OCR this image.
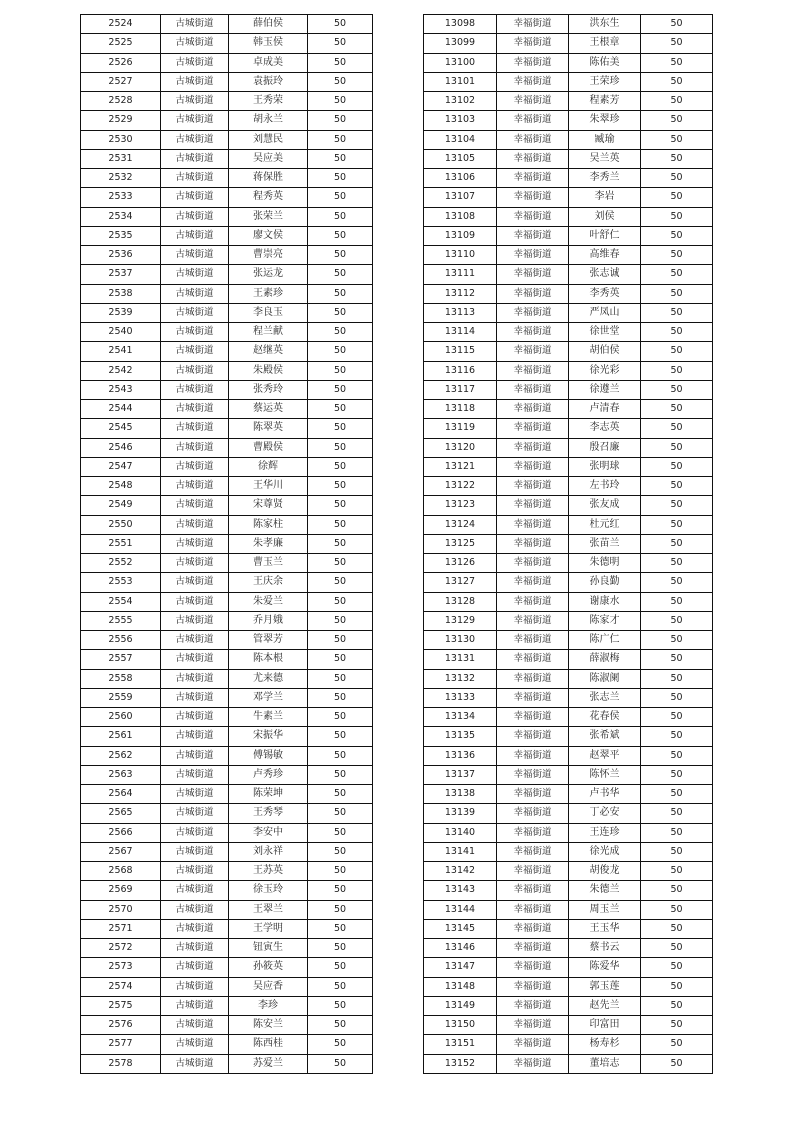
2524	古城街道	薛伯侯	50
2525	古城街道	韩玉侯	50
2526	古城街道	卓成美	50
2527	古城街道	袁振玲	50
2528	古城街道	王秀荣	50
2529	古城街道	胡永兰	50
2530	古城街道	刘慧民	50
2531	古城街道	吴应美	50
2532	古城街道	蒋保胜	50
2533	古城街道	程秀英	50
2534	古城街道	张荣兰	50
2535	古城街道	廖文侯	50
2536	古城街道	曹崇亮	50
2537	古城街道	张运龙	50
2538	古城街道	王素珍	50
2539	古城街道	李良玉	50
2540	古城街道	程兰献	50
2541	古城街道	赵继英	50
2542	古城街道	朱殿侯	50
2543	古城街道	张秀玲	50
2544	古城街道	蔡运英	50
2545	古城街道	陈翠英	50
2546	古城街道	曹殿侯	50
2547	古城街道	徐辉	50
2548	古城街道	王华川	50
2549	古城街道	宋尊贤	50
2550	古城街道	陈家柱	50
2551	古城街道	朱孝廉	50
2552	古城街道	曹玉兰	50
2553	古城街道	王庆余	50
2554	古城街道	朱爱兰	50
2555	古城街道	乔月娥	50
2556	古城街道	管翠芳	50
2557	古城街道	陈本根	50
2558	古城街道	尤来德	50
2559	古城街道	邓学兰	50
2560	古城街道	牛素兰	50
2561	古城街道	宋振华	50
2562	古城街道	傅锡敏	50
2563	古城街道	卢秀珍	50
2564	古城街道	陈荣坤	50
2565	古城街道	王秀琴	50
2566	古城街道	李安中	50
2567	古城街道	刘永祥	50
2568	古城街道	王苏英	50
2569	古城街道	徐玉玲	50
2570	古城街道	王翠兰	50
2571	古城街道	王学明	50
2572	古城街道	钮寅生	50
2573	古城街道	孙筱英	50
2574	古城街道	吴应香	50
2575	古城街道	李珍	50
2576	古城街道	陈安兰	50
2577	古城街道	陈西桂	50
2578	古城街道	苏爱兰	50
13098	幸福街道	洪东生	50
13099	幸福街道	王根章	50
13100	幸福街道	陈佑美	50
13101	幸福街道	王荣珍	50
13102	幸福街道	程素芳	50
13103	幸福街道	朱翠珍	50
13104	幸福街道	臧瑜	50
13105	幸福街道	吴兰英	50
13106	幸福街道	李秀兰	50
13107	幸福街道	李岩	50
13108	幸福街道	刘侯	50
13109	幸福街道	叶舒仁	50
13110	幸福街道	高维春	50
13111	幸福街道	张志诚	50
13112	幸福街道	李秀英	50
13113	幸福街道	严凤山	50
13114	幸福街道	徐世堂	50
13115	幸福街道	胡伯侯	50
13116	幸福街道	徐光彩	50
13117	幸福街道	徐遵兰	50
13118	幸福街道	卢清春	50
13119	幸福街道	李志英	50
13120	幸福街道	殷召廉	50
13121	幸福街道	张明球	50
13122	幸福街道	左书玲	50
13123	幸福街道	张友成	50
13124	幸福街道	杜元红	50
13125	幸福街道	张苗兰	50
13126	幸福街道	朱德明	50
13127	幸福街道	孙良勤	50
13128	幸福街道	谢康水	50
13129	幸福街道	陈家才	50
13130	幸福街道	陈广仁	50
13131	幸福街道	薛淑梅	50
13132	幸福街道	陈淑阑	50
13133	幸福街道	张志兰	50
13134	幸福街道	花春侯	50
13135	幸福街道	张希斌	50
13136	幸福街道	赵翠平	50
13137	幸福街道	陈怀兰	50
13138	幸福街道	卢书华	50
13139	幸福街道	丁必安	50
13140	幸福街道	王连珍	50
13141	幸福街道	徐光成	50
13142	幸福街道	胡俊龙	50
13143	幸福街道	朱德兰	50
13144	幸福街道	周玉兰	50
13145	幸福街道	王玉华	50
13146	幸福街道	蔡书云	50
13147	幸福街道	陈爱华	50
13148	幸福街道	郭玉莲	50
13149	幸福街道	赵先兰	50
13150	幸福街道	印富田	50
13151	幸福街道	杨寿杉	50
13152	幸福街道	董培志	50
